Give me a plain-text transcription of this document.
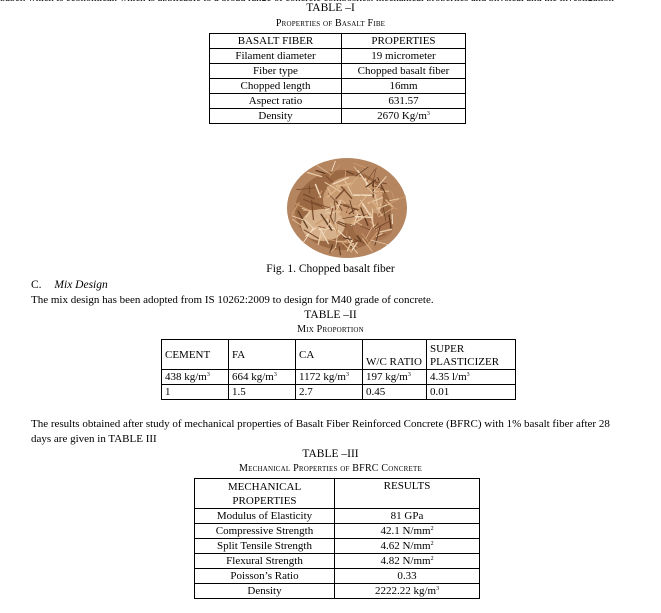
TABLE –I
Properties of Basalt Fibe
BASALT FIBER	PROPERTIES
Filament diameter	19 micrometer
Fiber type	Chopped basalt fiber
Chopped length	16mm
Aspect ratio	631.57
Density	2670 $Kg/m^3$
Fig. 1. Chopped basalt fiber
C. Mix Design
The mix design has been adopted from IS 10262:2009 to design for M40 grade of concrete.
TABLE –II
Mix Proportion
CEMENT	FA	CA	W/C RATIO	SUPER PLASTICIZER
438 $kg/m^3$	664 $kg/m^3$	1172 $kg/m^3$	197 $kg/m^3$	4.35 $l/m^3$
1	1.5	2.7	0.45	0.01
The results obtained after study of mechanical properties of Basalt Fiber Reinforced Concrete (BFRC) with 1% basalt fiber after 28
days are given in TABLE III
TABLE –III
Mechanical Properties of BFRC Concrete
MECHANICAL PROPERTIES	RESULTS
Modulus of Elasticity	81 GPa
Compressive Strength	42.1 $N/mm^2$
Split Tensile Strength	4.62 $N/mm^2$
Flexural Strength	4.82 $N/mm^2$
Poisson’s Ratio	0.33
Density	2222.22 $kg/m^3$
